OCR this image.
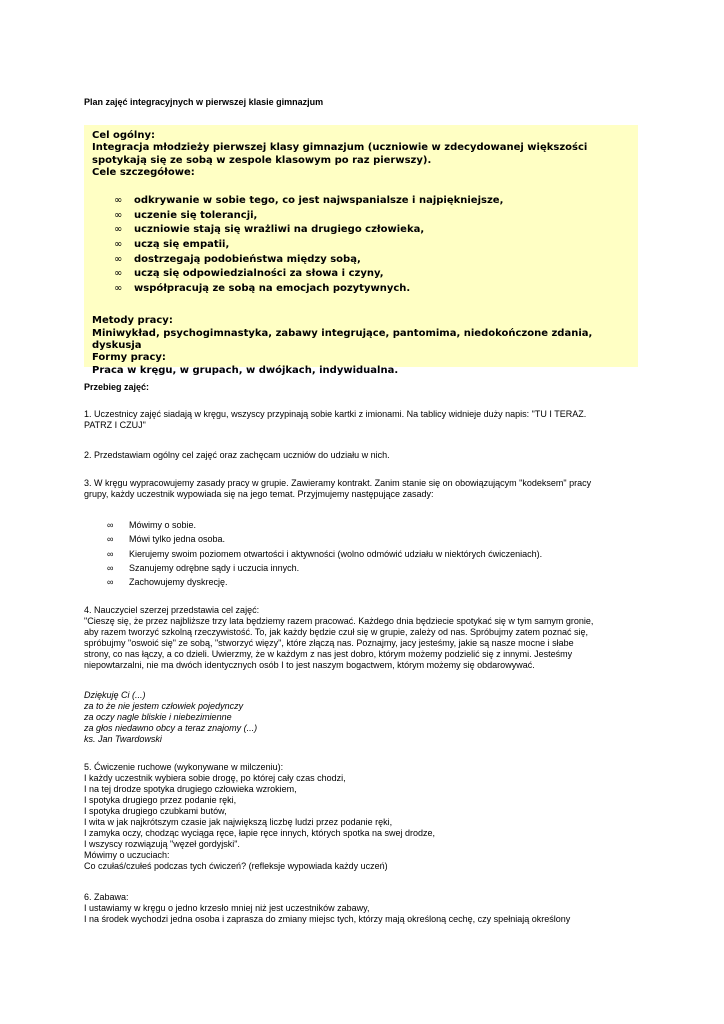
Plan zajęć integracyjnych w pierwszej klasie gimnazjum

Cel ogólny:

Integracja młodzieży pierwszej klasy gimnazjum (uczniowie w zdecydowanej większości

spotykają się ze sobą w zespole klasowym po raz pierwszy).

Cele szczegółowe:

∞ odkrywanie w sobie tego, co jest najwspanialsze i najpiękniejsze,
∞ uczenie się tolerancji,
∞ uczniowie stają się wrażliwi na drugiego człowieka,
∞ uczą się empatii,
∞ dostrzegają podobieństwa między sobą,
∞ uczą się odpowiedzialności za słowa i czyny,
∞ współpracują ze sobą na emocjach pozytywnych.

Metody pracy:

Miniwykład, psychogimnastyka, zabawy integrujące, pantomima, niedokończone zdania, dyskusja

Formy pracy:

Praca w kręgu, w grupach, w dwójkach, indywidualna.

Przebieg zajęć:

1. Uczestnicy zajęć siadają w kręgu, wszyscy przypinają sobie kartki z imionami. Na tablicy widnieje duży napis: "TU I TERAZ.

PATRZ I CZUJ"

2. Przedstawiam ogólny cel zajęć oraz zachęcam uczniów do udziału w nich.

3. W kręgu wypracowujemy zasady pracy w grupie. Zawieramy kontrakt. Zanim stanie się on obowiązującym "kodeksem" pracy

grupy, każdy uczestnik wypowiada się na jego temat. Przyjmujemy następujące zasady:

∞ Mówimy o sobie.
∞ Mówi tylko jedna osoba.
∞ Kierujemy swoim poziomem otwartości i aktywności (wolno odmówić udziału w niektórych ćwiczeniach).
∞ Szanujemy odrębne sądy i uczucia innych.
∞ Zachowujemy dyskrecję.

4. Nauczyciel szerzej przedstawia cel zajęć:

"Cieszę się, że przez najbliższe trzy lata będziemy razem pracować. Każdego dnia będziecie spotykać się w tym samym gronie,

aby razem tworzyć szkolną rzeczywistość. To, jak każdy będzie czuł się w grupie, zależy od nas. Spróbujmy zatem poznać się,

spróbujmy "oswoić się" ze sobą, "stworzyć więzy", które złączą nas. Poznajmy, jacy jesteśmy, jakie są nasze mocne i słabe

strony, co nas łączy, a co dzieli. Uwierzmy, że w każdym z nas jest dobro, którym możemy podzielić się z innymi. Jesteśmy

niepowtarzalni, nie ma dwóch identycznych osób I to jest naszym bogactwem, którym możemy się obdarowywać.

Dziękuję Ci (...)

za to że nie jestem człowiek pojedynczy

za oczy nagle bliskie i niebezimienne

za głos niedawno obcy a teraz znajomy (...)

ks. Jan Twardowski

5. Ćwiczenie ruchowe (wykonywane w milczeniu):

I każdy uczestnik wybiera sobie drogę, po której cały czas chodzi,

I na tej drodze spotyka drugiego człowieka wzrokiem,

I spotyka drugiego przez podanie ręki,

I spotyka drugiego czubkami butów,

I wita w jak najkrótszym czasie jak największą liczbę ludzi przez podanie ręki,

I zamyka oczy, chodząc wyciąga ręce, łapie ręce innych, których spotka na swej drodze,

I wszyscy rozwiązują "węzeł gordyjski".

Mówimy o uczuciach:

Co czułaś/czułeś podczas tych ćwiczeń? (refleksje wypowiada każdy uczeń)

6. Zabawa:

I ustawiamy w kręgu o jedno krzesło mniej niż jest uczestników zabawy,

I na środek wychodzi jedna osoba i zaprasza do zmiany miejsc tych, którzy mają określoną cechę, czy spełniają określony
